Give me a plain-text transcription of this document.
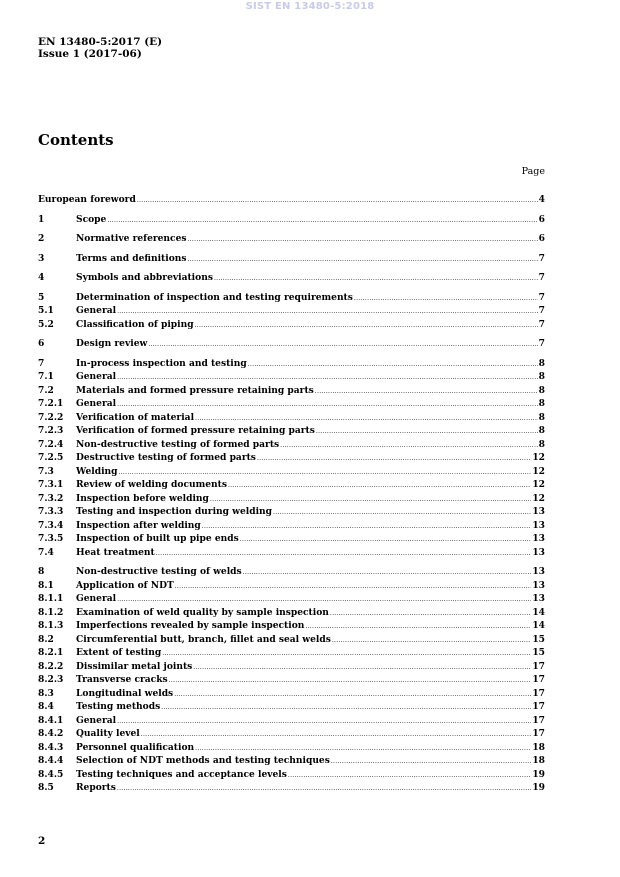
SIST EN 13480-5:2018
EN 13480-5:2017 (E)
Issue 1 (2017-06)
Contents
Page
European foreword .....	4
1	Scope .....	6
2	Normative references .....	6
3	Terms and definitions .....	7
4	Symbols and abbreviations .....	7
5	Determination of inspection and testing requirements .....	7
5.1 General .....	7
5.2 Classification of piping .....	7
6	Design review .....	7
7	In-process inspection and testing .....	8
7.1 General .....	8
7.2 Materials and formed pressure retaining parts .....	8
7.2.1 General .....	8
7.2.2 Verification of material .....	8
7.2.3 Verification of formed pressure retaining parts .....	8
7.2.4 Non-destructive testing of formed parts .....	8
7.2.5 Destructive testing of formed parts .....	12
7.3 Welding .....	12
7.3.1 Review of welding documents .....	12
7.3.2 Inspection before welding .....	12
7.3.3 Testing and inspection during welding .....	13
7.3.4 Inspection after welding .....	13
7.3.5 Inspection of built up pipe ends .....	13
7.4 Heat treatment .....	13
8	Non-destructive testing of welds .....	13
8.1 Application of NDT .....	13
8.1.1 General .....	13
8.1.2 Examination of weld quality by sample inspection .....	14
8.1.3 Imperfections revealed by sample inspection .....	14
8.2 Circumferential butt, branch, fillet and seal welds .....	15
8.2.1 Extent of testing .....	15
8.2.2 Dissimilar metal joints .....	17
8.2.3 Transverse cracks .....	17
8.3 Longitudinal welds .....	17
8.4 Testing methods .....	17
8.4.1 General .....	17
8.4.2 Quality level .....	17
8.4.3 Personnel qualification .....	18
8.4.4 Selection of NDT methods and testing techniques .....	18
8.4.5 Testing techniques and acceptance levels .....	19
8.5 Reports .....	19
2
